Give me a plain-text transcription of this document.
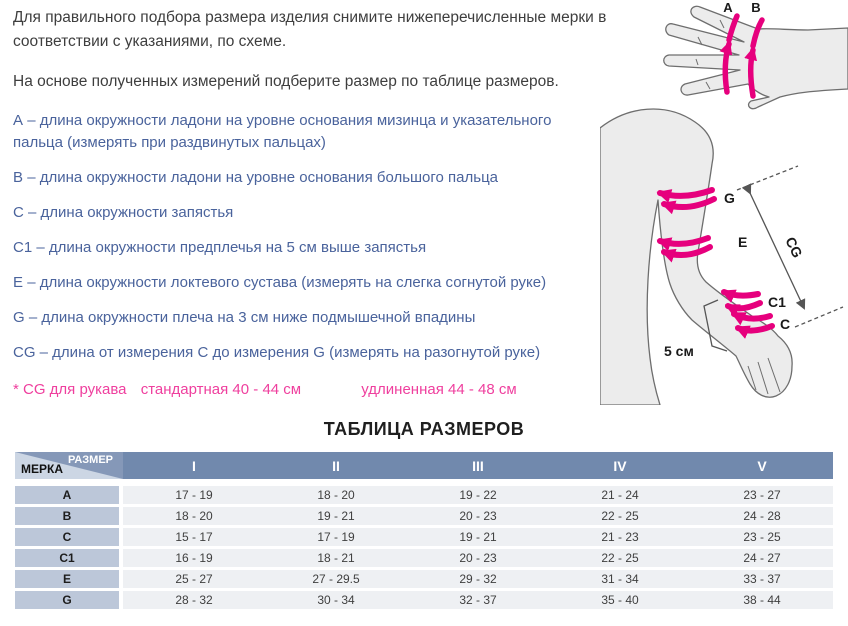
Для правильного подбора размера изделия снимите нижеперечисленные мерки в соответствии с указаниями, по схеме.

На основе полученных измерений подберите размер по таблице размеров.

А – длина окружности ладони на уровне основания мизинца и указательного пальца (измерять при раздвинутых пальцах)
В – длина окружности ладони на уровне основания большого пальца
С – длина окружности запястья
С1 – длина окружности предплечья на 5 см выше запястья
Е – длина окружности локтевого сустава (измерять на слегка согнутой руке)
G – длина окружности плеча на 3 см ниже подмышечной впадины
CG – длина от измерения С до измерения G (измерять на разогнутой руке)
* CG для рукава стандартная 40 - 44 см	удлиненная 44 - 48 см
А В
G
Е
С1
С
CG
5 см
ТАБЛИЦА РАЗМЕРОВ
РАЗМЕР
МЕРКА	I	II	III	IV	V
А	17 - 19	18 - 20	19 - 22	21 - 24	23 - 27
В	18 - 20	19 - 21	20 - 23	22 - 25	24 - 28
С	15 - 17	17 - 19	19 - 21	21 - 23	23 - 25
С1	16 - 19	18 - 21	20 - 23	22 - 25	24 - 27
Е	25 - 27	27 - 29.5	29 - 32	31 - 34	33 - 37
G	28 - 32	30 - 34	32 - 37	35 - 40	38 - 44
